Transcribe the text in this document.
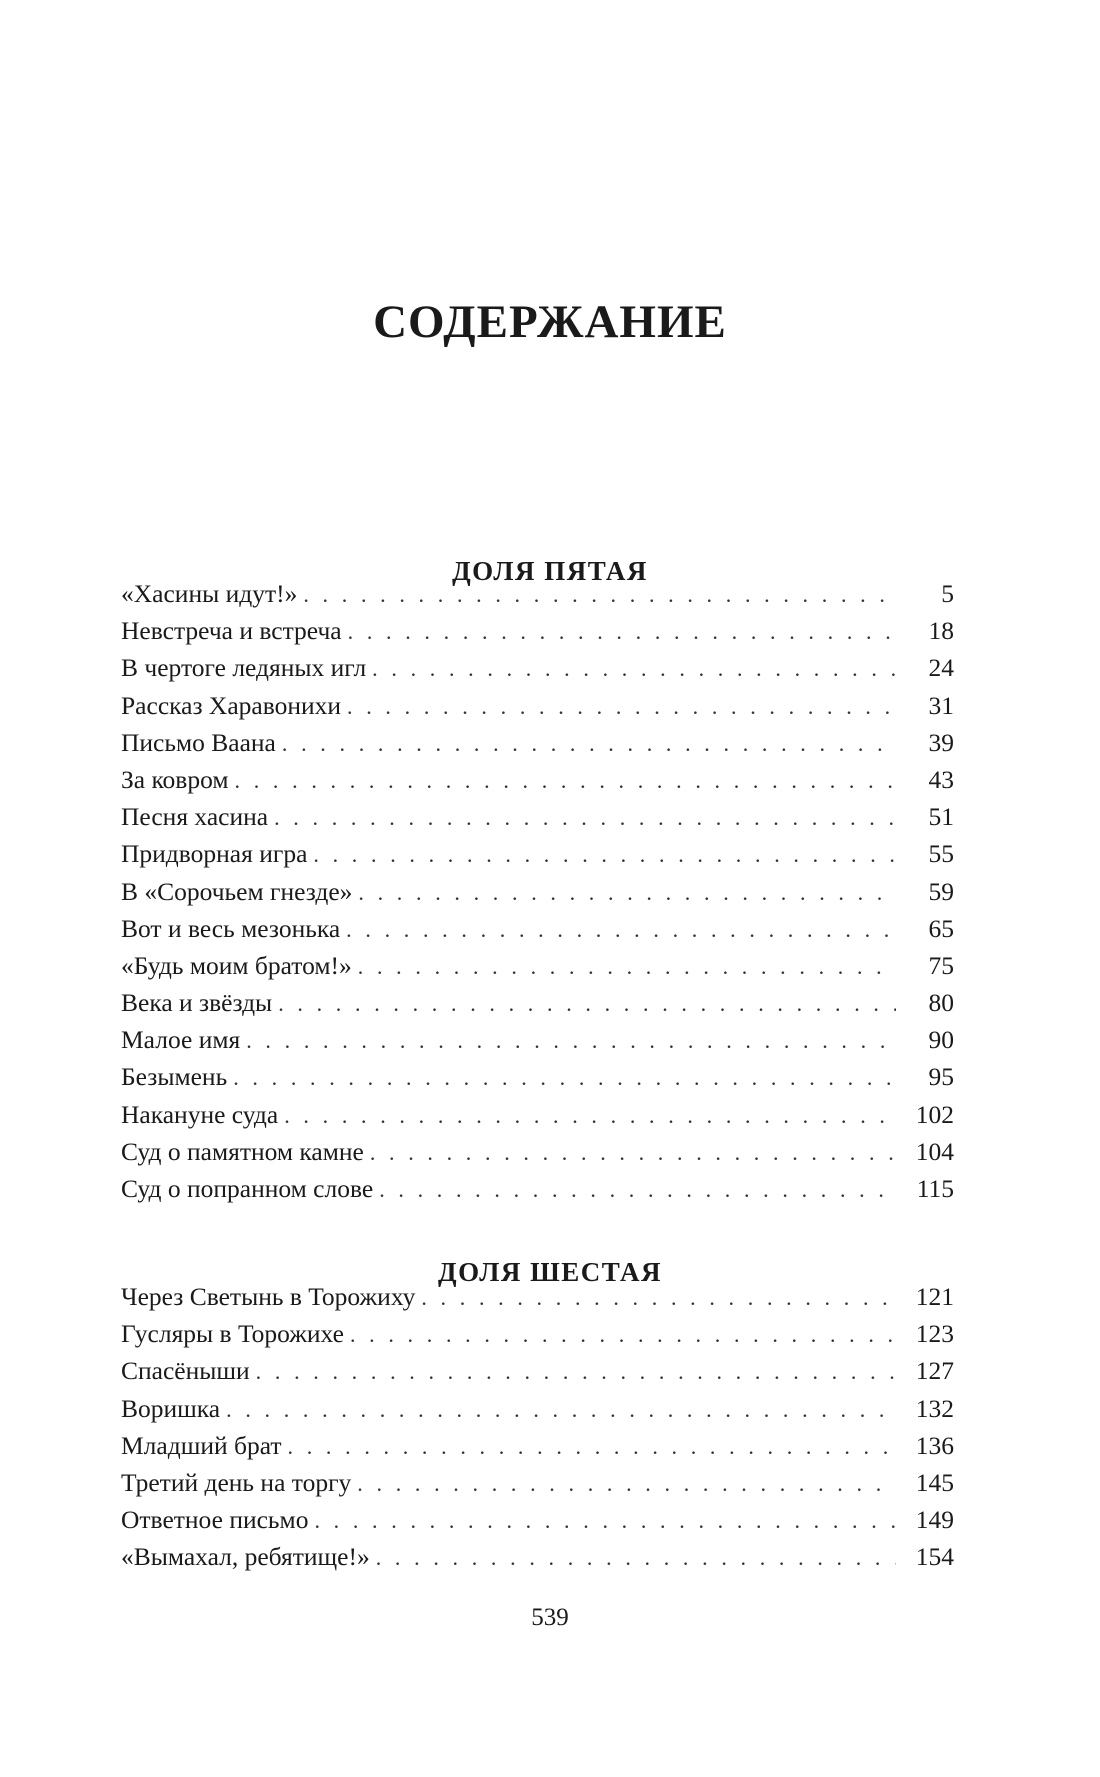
СОДЕРЖАНИЕ
ДОЛЯ ПЯТАЯ
«Хасины идут!» . . .	5
Невстреча и встреча . . .	18
В чертоге ледяных игл . . .	24
Рассказ Харавонихи . . .	31
Письмо Ваана . . .	39
За ковром . . .	43
Песня хасина . . .	51
Придворная игра . . .	55
В «Сорочьем гнезде» . . .	59
Вот и весь мезонька . . .	65
«Будь моим братом!» . . .	75
Века и звёзды . . .	80
Малое имя . . .	90
Безымень . . .	95
Накануне суда . . .	102
Суд о памятном камне . . .	104
Суд о попранном слове . . .	115
ДОЛЯ ШЕСТАЯ
Через Светынь в Торожиху . . .	121
Гусляры в Торожихе . . .	123
Спасёныши . . .	127
Воришка . . .	132
Младший брат . . .	136
Третий день на торгу . . .	145
Ответное письмо . . .	149
«Вымахал, ребятище!» . . .	154
539
